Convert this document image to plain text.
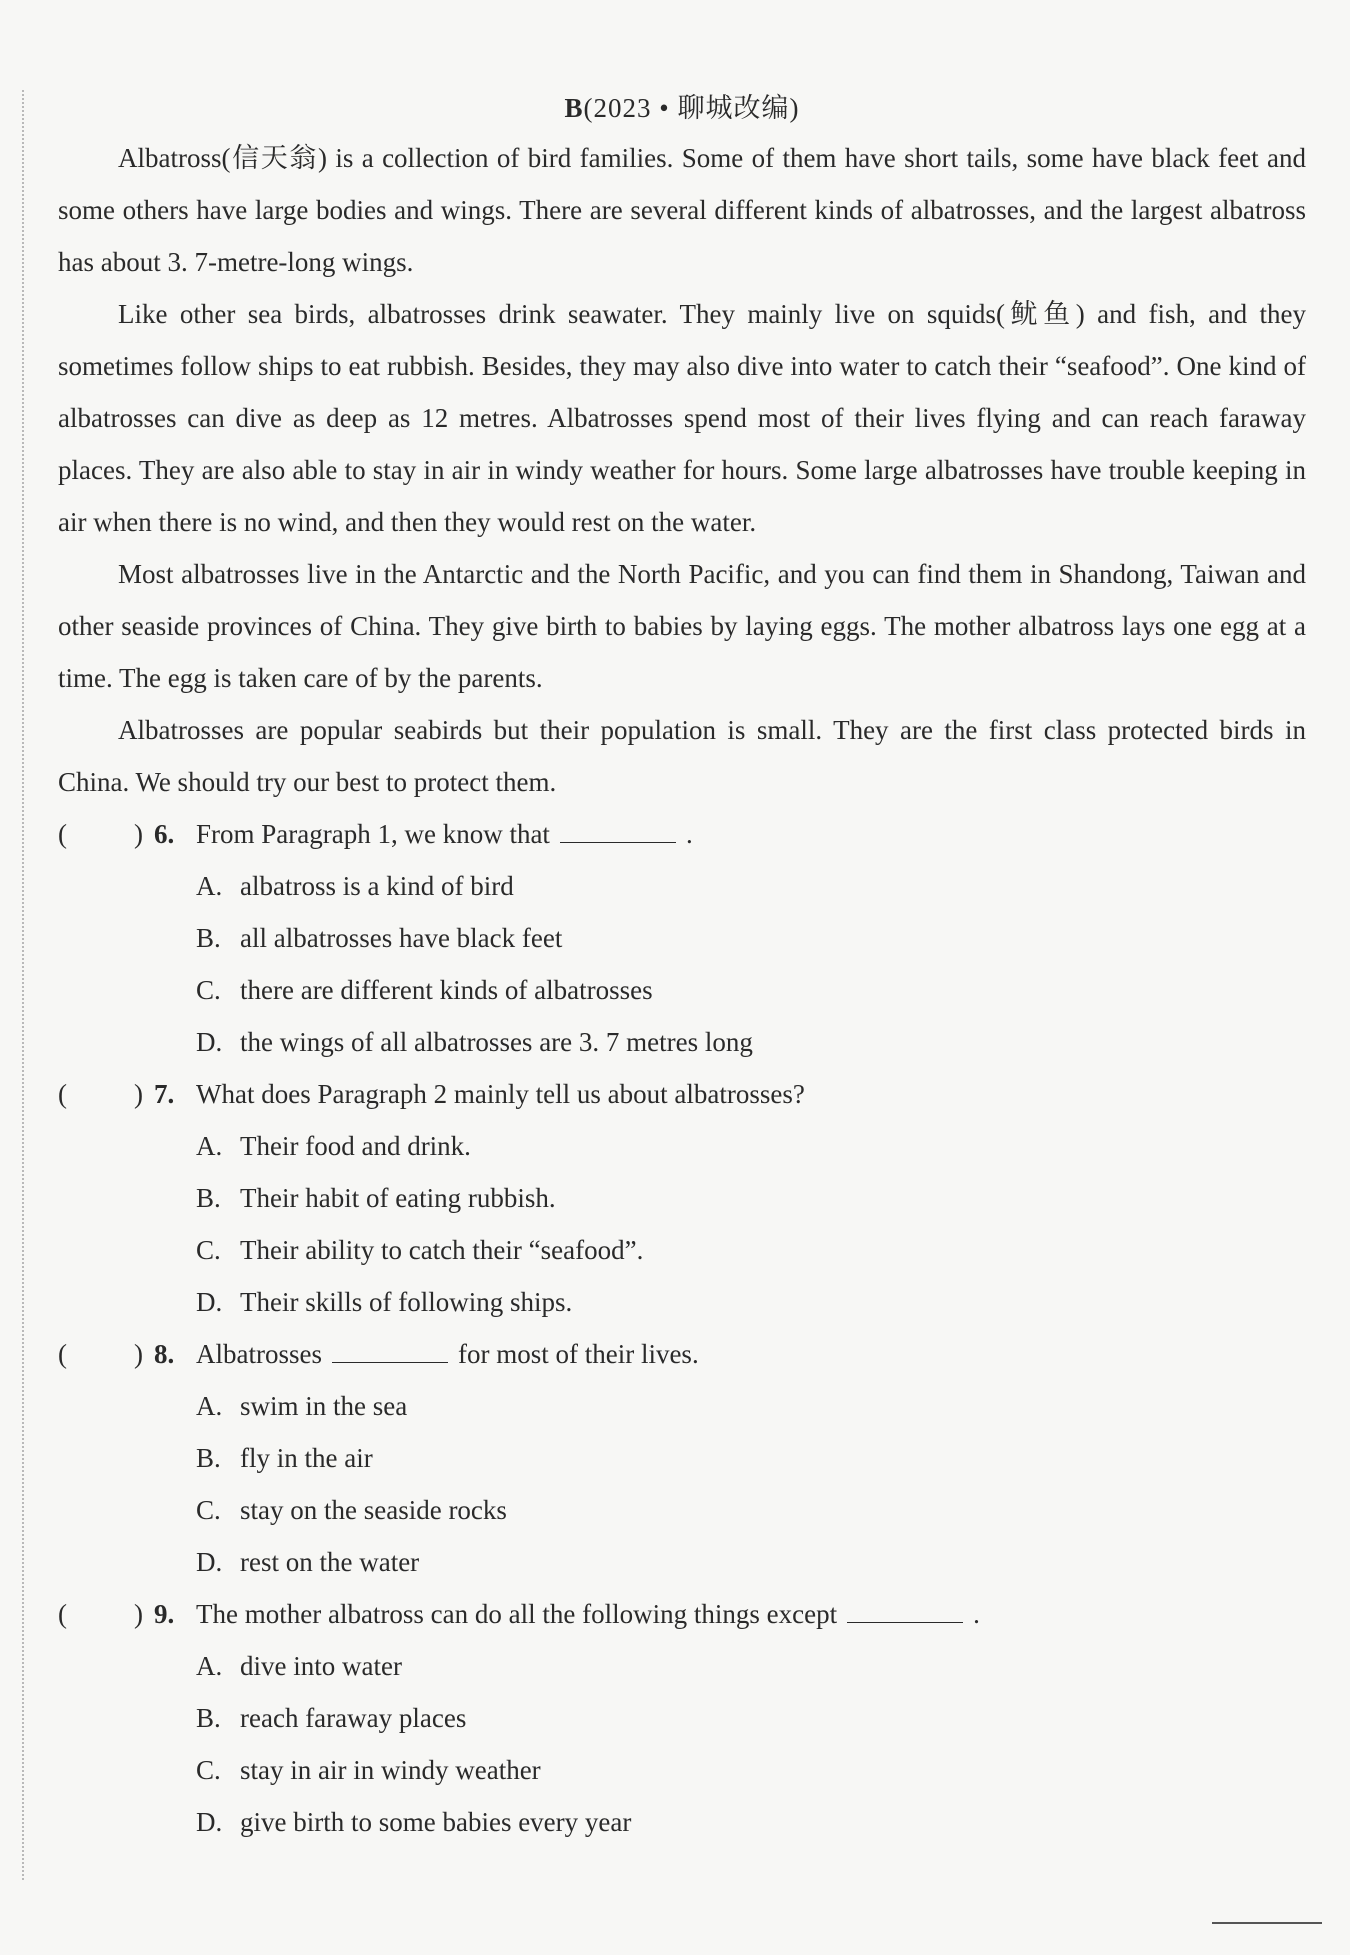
B(2023 • 聊城改编)

Albatross(信天翁) is a collection of bird families. Some of them have short tails, some have black feet and some others have large bodies and wings. There are several different kinds of albatrosses, and the largest albatross has about 3. 7-metre-long wings.

Like other sea birds, albatrosses drink seawater. They mainly live on squids(鱿鱼) and fish, and they sometimes follow ships to eat rubbish. Besides, they may also dive into water to catch their “seafood”. One kind of albatrosses can dive as deep as 12 metres. Albatrosses spend most of their lives flying and can reach faraway places. They are also able to stay in air in windy weather for hours. Some large albatrosses have trouble keeping in air when there is no wind, and then they would rest on the water.

Most albatrosses live in the Antarctic and the North Pacific, and you can find them in Shandong, Taiwan and other seaside provinces of China. They give birth to babies by laying eggs. The mother albatross lays one egg at a time. The egg is taken care of by the parents.

Albatrosses are popular seabirds but their population is small. They are the first class protected birds in China. We should try our best to protect them.

( ) 6. From Paragraph 1, we know that	.
A. albatross is a kind of bird
B. all albatrosses have black feet
C. there are different kinds of albatrosses
D. the wings of all albatrosses are 3. 7 metres long
( ) 7. What does Paragraph 2 mainly tell us about albatrosses?
A. Their food and drink.
B. Their habit of eating rubbish.
C. Their ability to catch their “seafood”.
D. Their skills of following ships.
( ) 8. Albatrosses	for most of their lives.
A. swim in the sea
B. fly in the air
C. stay on the seaside rocks
D. rest on the water
( ) 9. The mother albatross can do all the following things except	.
A. dive into water
B. reach faraway places
C. stay in air in windy weather
D. give birth to some babies every year
